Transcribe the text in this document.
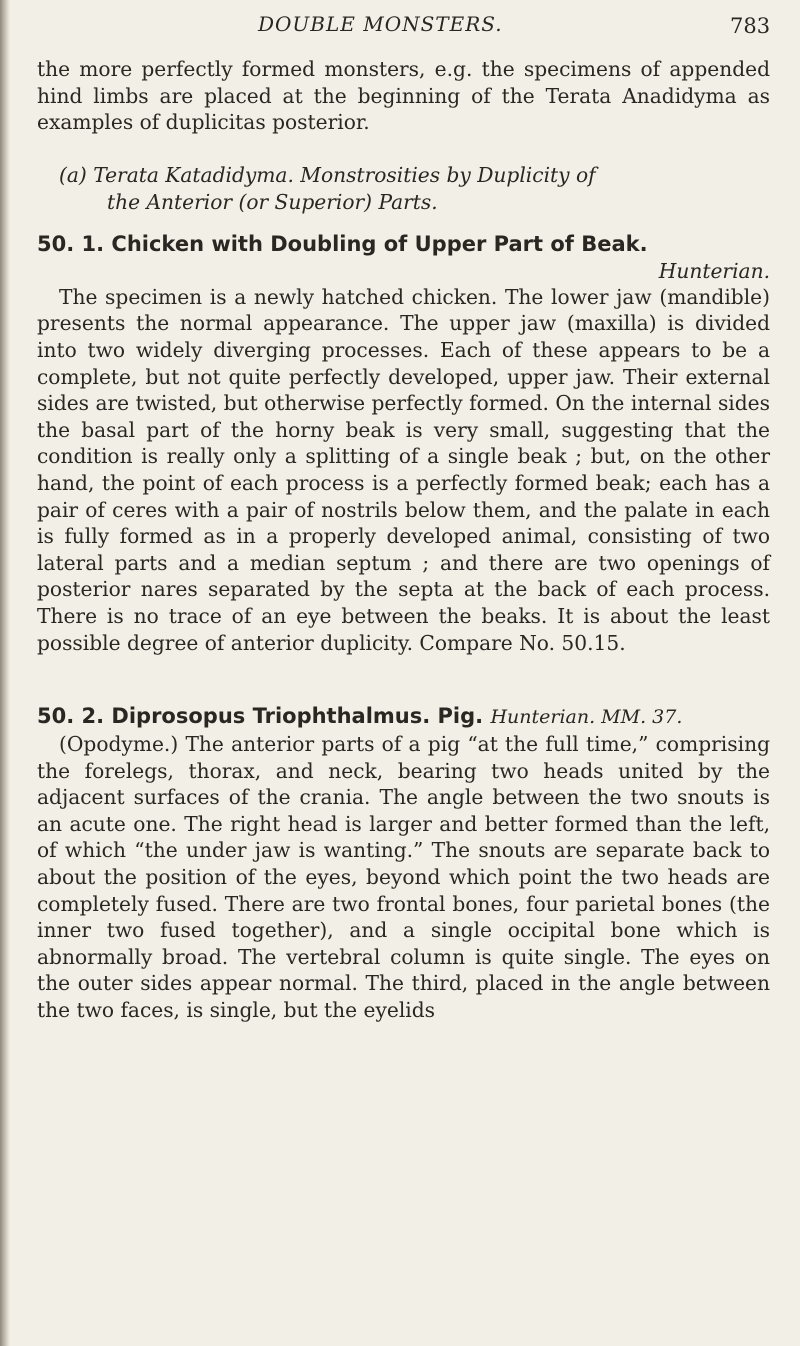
DOUBLE MONSTERS.	783

the more perfectly formed monsters, e.g. the specimens of appended hind limbs are placed at the beginning of the Terata Anadidyma as examples of duplicitas posterior.

(a) Terata Katadidyma. Monstrosities by Duplicity of
the Anterior (or Superior) Parts.

50. 1. Chicken with Doubling of Upper Part of Beak.

Hunterian.

The specimen is a newly hatched chicken. The lower jaw (mandible) presents the normal appearance. The upper jaw (maxilla) is divided into two widely diverging processes. Each of these appears to be a complete, but not quite perfectly developed, upper jaw. Their external sides are twisted, but otherwise perfectly formed. On the internal sides the basal part of the horny beak is very small, suggesting that the condition is really only a splitting of a single beak ; but, on the other hand, the point of each process is a perfectly formed beak; each has a pair of ceres with a pair of nostrils below them, and the palate in each is fully formed as in a properly developed animal, consisting of two lateral parts and a median septum ; and there are two openings of posterior nares separated by the septa at the back of each process. There is no trace of an eye between the beaks. It is about the least possible degree of anterior duplicity. Compare No. 50.15.

50. 2. Diprosopus Triophthalmus. Pig. Hunterian. MM. 37.

(Opodyme.) The anterior parts of a pig “at the full time,” comprising the forelegs, thorax, and neck, bearing two heads united by the adjacent surfaces of the crania. The angle between the two snouts is an acute one. The right head is larger and better formed than the left, of which “the under jaw is wanting.” The snouts are separate back to about the position of the eyes, beyond which point the two heads are completely fused. There are two frontal bones, four parietal bones (the inner two fused together), and a single occipital bone which is abnormally broad. The vertebral column is quite single. The eyes on the outer sides appear normal. The third, placed in the angle between the two faces, is single, but the eyelids
